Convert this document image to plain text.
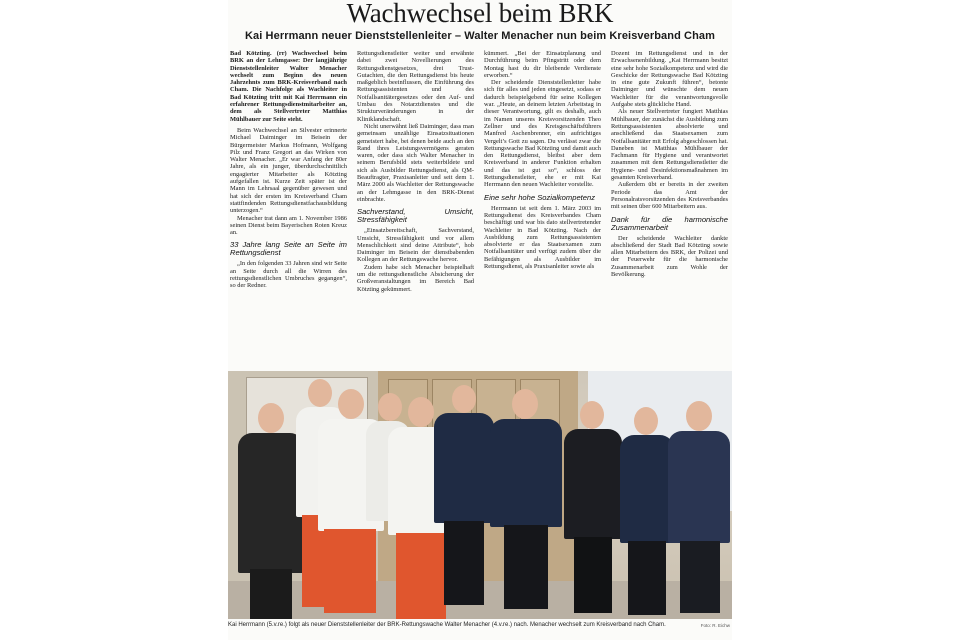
Wachwechsel beim BRK
Kai Herrmann neuer Dienststellenleiter – Walter Menacher nun beim Kreisverband Cham

Bad Kötzting. (rr) Wachwechsel beim BRK an der Lehmgasse: Der langjährige Dienststellenleiter Walter Menacher wechselt zum Beginn des neuen Jahrzehnts zum BRK-Kreisverband nach Cham. Die Nachfolge als Wachleiter in Bad Kötzting tritt mit Kai Herrmann ein erfahrener Rettungsdienstmitarbeiter an, dem als Stellvertreter Matthias Mühlbauer zur Seite steht.

Beim Wachwechsel an Silvester erinnerte Michael Daiminger im Beisein der Bürgermeister Markus Hofmann, Wolfgang Pilz und Franz Gregori an das Wirken von Walter Menacher. „Er war Anfang der 80er Jahre, als ein junger, überdurchschnittlich engagierter Mitarbeiter als Kötzting aufgefallen ist. Kurze Zeit später ist der Mann im Lehrsaal gegenüber gewesen und hat sich der ersten im Kreisverband Cham stattfindenden Rettungsdienstfachausbildung unterzogen.“

Menacher trat dann am 1. November 1986 seinen Dienst beim Bayerischen Roten Kreuz an.

33 Jahre lang Seite an Seite im Rettungsdienst

„In den folgenden 33 Jahren sind wir Seite an Seite durch all die Wirren des rettungsdienstlichen Umbruches gegangen“, so der Redner.

Rettungsdienstleiter weiter und erwähnte dabei zwei Novellierungen des Rettungsdienstgesetzes, drei Trust-Gutachten, die den Rettungsdienst bis heute maßgeblich beeinflussen, die Einführung des Rettungsassistenten und des Notfallsanitätergesetzes oder den Auf- und Umbau des Notarztdienstes und die Strukturveränderungen in der Kliniklandschaft.

Nicht unerwähnt ließ Daiminger, dass man gemeinsam unzählige Einsatzsituationen gemeistert habe, bei denen beide auch an den Rand ihres Leistungsvermögens geraten waren, oder dass sich Walter Menacher in seinem Berufsbild stets weiterbildete und sich als Ausbilder Rettungsdienst, als QM-Beauftragter, Praxisanleiter und seit dem 1. März 2000 als Wachleiter der Rettungswache an der Lehmgasse in den BRK-Dienst einbrachte.

Sachverstand, Umsicht, Stressfähigkeit

„Einsatzbereitschaft, Sachverstand, Umsicht, Stressfähigkeit und vor allem Menschlichkeit sind deine Attribute“, hob Daiminger im Beisein der dienstbabenden Kollegen an der Rettungswache hervor.

Zudem habe sich Menacher beispielhaft um die rettungsdienstliche Absicherung der Großveranstaltungen im Bereich Bad Kötzting gekümmert.

kümmert. „Bei der Einsatzplanung und Durchführung beim Pfingstritt oder dem Montag hast du dir bleibende Verdienste erworben.“

Der scheidende Dienststellenleiter habe sich für alles und jeden eingesetzt, sodass er dadurch beispielgebend für seine Kollegen war. „Heute, an deinem letzten Arbeitstag in dieser Verantwortung, gilt es deshalb, auch im Namen unseres Kreisvorsitzenden Theo Zellner und des Kreisgeschäftsführers Manfred Aschenbrenner, ein aufrichtiges Vergelt’s Gott zu sagen. Du verlässt zwar die Rettungswache Bad Kötzting und damit auch den Rettungsdienst, bleibst aber dem Kreisverband in anderer Funktion erhalten und das ist gut so“, schloss der Rettungsdienstleiter, ehe er mit Kai Herrmann den neuen Wachleiter vorstellte.

Eine sehr hohe Sozialkompetenz

Herrmann ist seit dem 1. März 2003 im Rettungsdienst des Kreisverbandes Cham beschäftigt und war bis dato stellvertretender Wachleiter in Bad Kötzting. Nach der Ausbildung zum Rettungsassistenten absolvierte er das Staatsexamen zum Notfallsanitäter und verfügt zudem über die Befähigungen als Ausbilder im Rettungsdienst, als Praxisanleiter sowie als

Dozent im Rettungsdienst und in der Erwachsenenbildung. „Kai Herrmann besitzt eine sehr hohe Sozialkompetenz und wird die Geschicke der Rettungswache Bad Kötzting in eine gute Zukunft führen“, betonte Daiminger und wünschte dem neuen Wachleiter für die verantwortungsvolle Aufgabe stets glückliche Hand.

Als neuer Stellvertreter fungiert Matthias Mühlbauer, der zunächst die Ausbildung zum Rettungsassistenten absolvierte und anschließend das Staatsexamen zum Notfallsanitäter mit Erfolg abgeschlossen hat. Daneben ist Matthias Mühlbauer der Fachmann für Hygiene und verantwortet zusammen mit dem Rettungsdienstleiter die Hygiene- und Desinfektionsmaßnahmen im gesamten Kreisverband.

Außerdem übt er bereits in der zweiten Periode das Amt der Personalratsvorsitzenden des Kreisverbandes mit seinen über 600 Mitarbeitern aus.

Dank für die harmonische Zusammenarbeit

Der scheidende Wachleiter dankte abschließend der Stadt Bad Kötzting sowie allen Mitarbeitern des BRK, der Polizei und der Feuerwehr für die harmonische Zusammenarbeit zum Wohle der Bevölkerung.

Kai Herrmann (5.v.re.) folgt als neuer Dienststellenleiter der BRK-Rettungswache Walter Menacher (4.v.re.) nach. Menacher wechselt zum Kreisverband nach Cham.	Foto: R. Eichw
